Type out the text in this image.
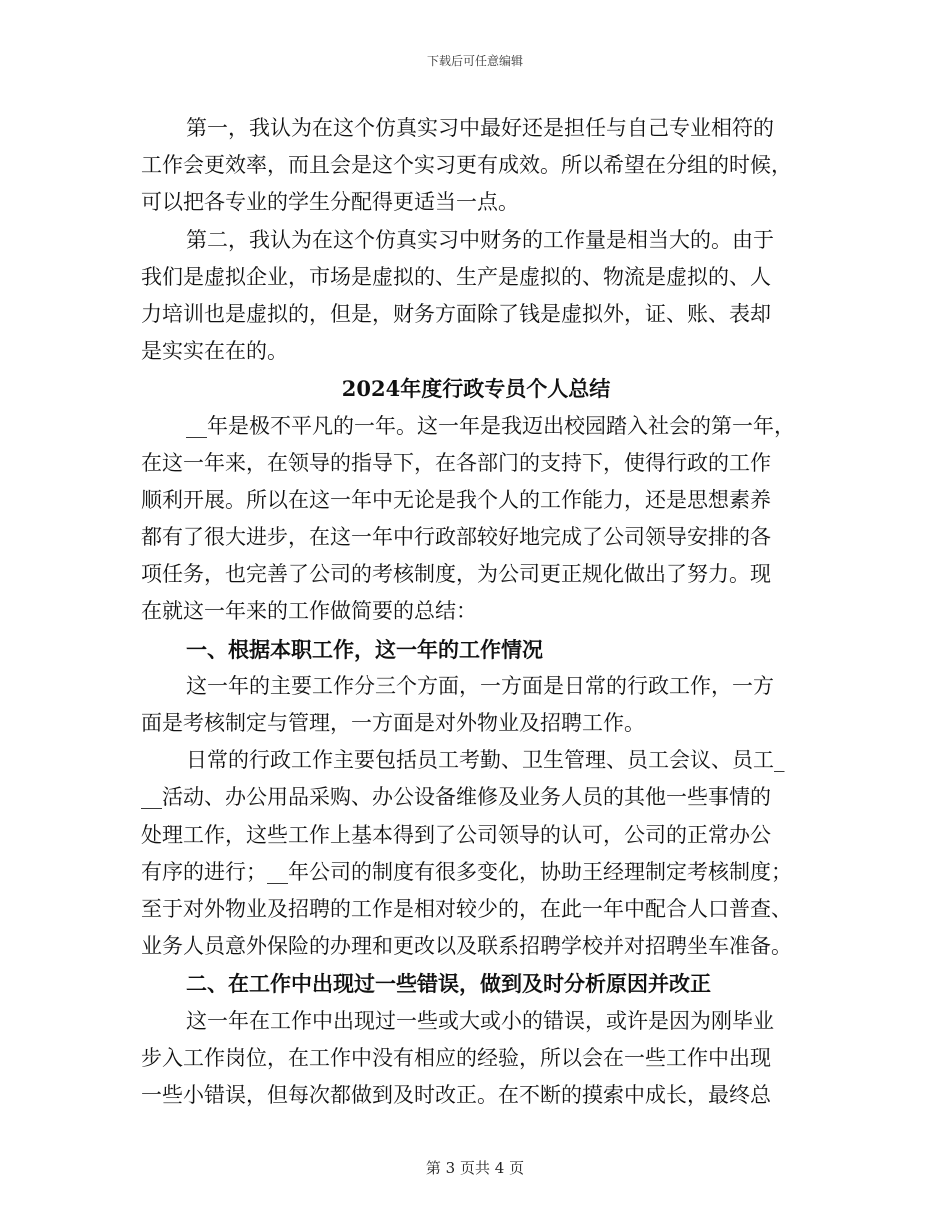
下载后可任意编辑
第一，我认为在这个仿真实习中最好还是担任与自己专业相符的
工作会更效率，而且会是这个实习更有成效。所以希望在分组的时候，
可以把各专业的学生分配得更适当一点。
第二，我认为在这个仿真实习中财务的工作量是相当大的。由于
我们是虚拟企业，市场是虚拟的、生产是虚拟的、物流是虚拟的、人
力培训也是虚拟的，但是，财务方面除了钱是虚拟外，证、账、表却
是实实在在的。
2024年度行政专员个人总结
__年是极不平凡的一年。这一年是我迈出校园踏入社会的第一年，
在这一年来，在领导的指导下，在各部门的支持下，使得行政的工作
顺利开展。所以在这一年中无论是我个人的工作能力，还是思想素养
都有了很大进步，在这一年中行政部较好地完成了公司领导安排的各
项任务，也完善了公司的考核制度，为公司更正规化做出了努力。现
在就这一年来的工作做简要的总结：
一、根据本职工作，这一年的工作情况
这一年的主要工作分三个方面，一方面是日常的行政工作，一方
面是考核制定与管理，一方面是对外物业及招聘工作。
日常的行政工作主要包括员工考勤、卫生管理、员工会议、员工_
__活动、办公用品采购、办公设备维修及业务人员的其他一些事情的
处理工作，这些工作上基本得到了公司领导的认可，公司的正常办公
有序的进行；__年公司的制度有很多变化，协助王经理制定考核制度；
至于对外物业及招聘的工作是相对较少的，在此一年中配合人口普查、
业务人员意外保险的办理和更改以及联系招聘学校并对招聘坐车准备。
二、在工作中出现过一些错误，做到及时分析原因并改正
这一年在工作中出现过一些或大或小的错误，或许是因为刚毕业
步入工作岗位，在工作中没有相应的经验，所以会在一些工作中出现
一些小错误，但每次都做到及时改正。在不断的摸索中成长，最终总
第 3 页共 4 页
